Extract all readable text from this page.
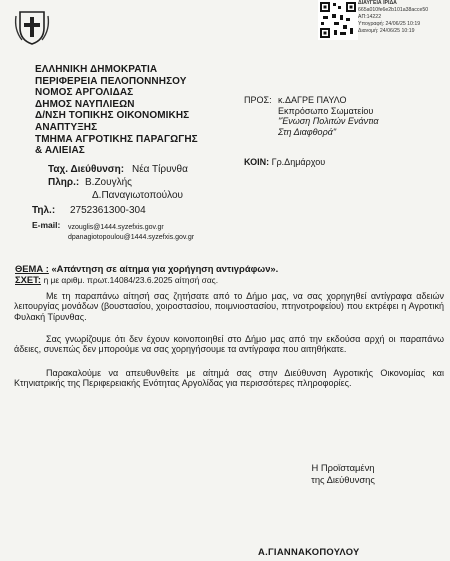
ΔΙΑΥΓΕΙΑ ΙΡΙΔΑ
665a010fe6e2b101a38acce50
ΑΠ:14222
Υπογραφή: 24/06/25 10:19
Διανομή: 24/06/25 10:19
ΕΛΛΗΝΙΚΗ ΔΗΜΟΚΡΑΤΙΑ
ΠΕΡΙΦΕΡΕΙΑ ΠΕΛΟΠΟΝΝΗΣΟΥ
ΝΟΜΟΣ ΑΡΓΟΛΙΔΑΣ
ΔΗΜΟΣ ΝΑΥΠΛΙΕΩΝ
Δ/ΝΣΗ ΤΟΠΙΚΗΣ ΟΙΚΟΝΟΜΙΚΗΣ
ΑΝΑΠΤΥΞΗΣ
ΤΜΗΜΑ ΑΓΡΟΤΙΚΗΣ ΠΑΡΑΓΩΓΗΣ
& ΑΛΙΕΙΑΣ
Ταχ. Διεύθυνση: Νέα Τίρυνθα
Πληρ.: Β.Ζουγλής
Δ.Παναγιωτοπούλου
Τηλ.: 2752361300-304
E-mail: vzouglis@1444.syzefxis.gov.gr
dpanagiotopoulou@1444.syzefxis.gov.gr
ΠΡΟΣ: κ.ΔΑΓΡΕ ΠΑΥΛΟ
Εκπρόσωπο Σωματείου
"Ένωση Πολιτών Ενάντια
Στη Διαφθορά"
ΚΟΙΝ: Γρ.Δημάρχου
ΘΕΜΑ : «Απάντηση σε αίτημα για χορήγηση αντιγράφων».
ΣΧΕΤ: η με αριθμ. πρωτ.14084/23.6.2025 αίτησή σας.
Με τη παραπάνω αίτησή σας ζητήσατε από το Δήμο μας, να σας χορηγηθεί αντίγραφα αδειών λειτουργίας μονάδων (βουστασίου, χοιροστασίου, ποιμνιοστασίου, πτηνοτροφείου) που εκτρέφει η Αγροτική Φυλακή Τίρυνθας.
Σας γνωρίζουμε ότι δεν έχουν κοινοποιηθεί στο Δήμο μας από την εκδούσα αρχή οι παραπάνω άδειες, συνεπώς δεν μπορούμε να σας χορηγήσουμε τα αντίγραφα που αιτηθήκατε.
Παρακαλούμε να απευθυνθείτε με αίτημά σας στην Διεύθυνση Αγροτικής Οικονομίας και Κτηνιατρικής της Περιφερειακής Ενότητας Αργολίδας για περισσότερες πληροφορίες.
Η Προϊσταμένη
της Διεύθυνσης
Α.ΓΙΑΝΝΑΚΟΠΟΥΛΟΥ
